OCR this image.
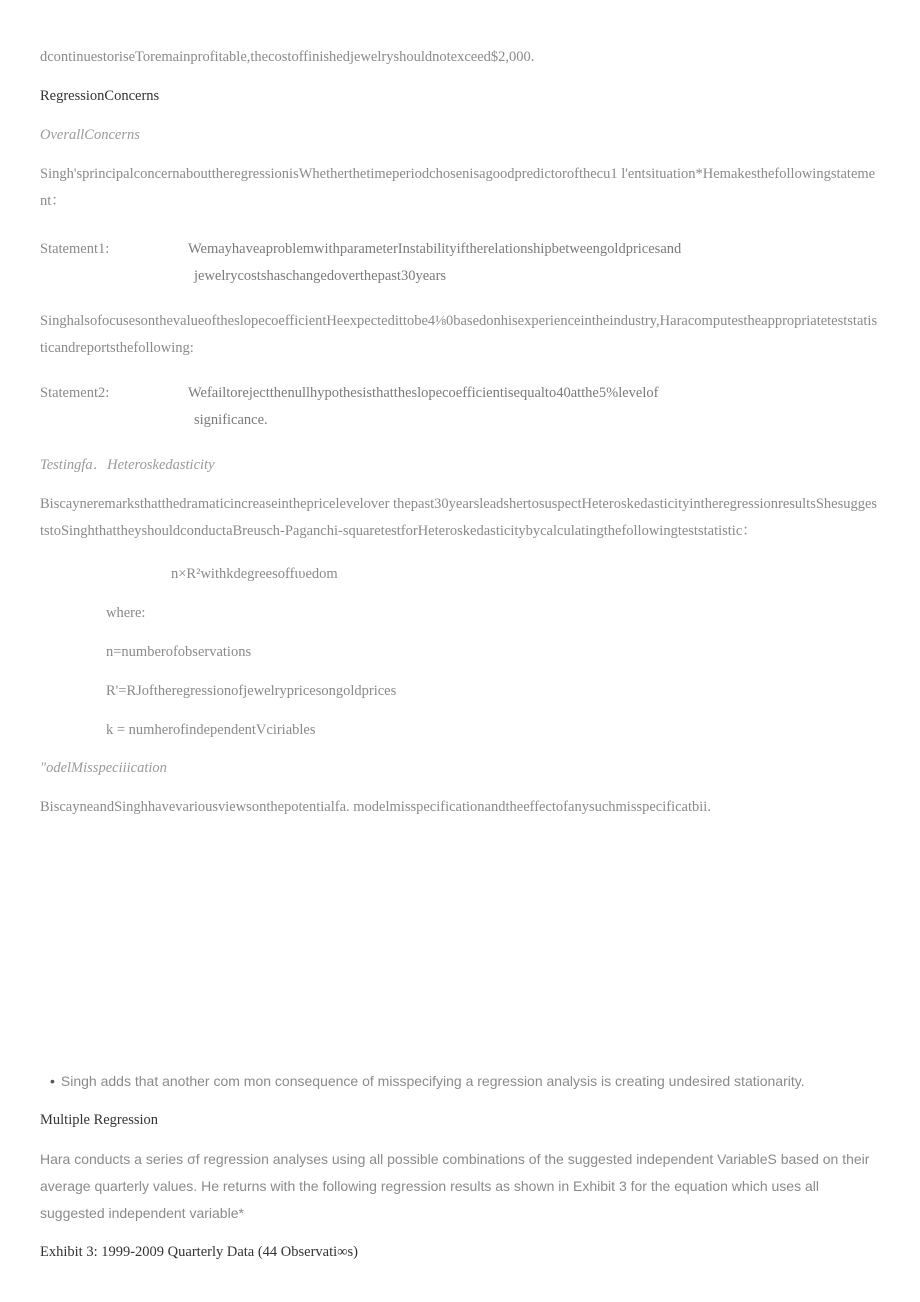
dcontinuestoriseToremainprofitable,thecostoffinishedjewelryshouldnotexceed$2,000.
RegressionConcerns
OverallConcerns
Singh'sprincipalconcernabouttheregressionisWhetherthetimeperiodchosenisagoodpredictorofthecu1 l'entsituation*Hemakesthefollowingstatement：
Statement1:	WemayhaveaproblemwithparameterInstabilityiftherelationshipbetweengoldpricesand
jewelrycostshaschangedoverthepast30years
SinghalsofocusesonthevalueoftheslopecoefficientHeexpectedittobe4⅛0basedonhisexperienceintheindustry,Haracomputestheappropriateteststatisticandreportsthefollowing:
Statement2:	Wefailtorejectthenullhypothesisthattheslopecoefficientisequalto40atthe5%levelof
significance.
Testingfa．Heteroskedasticity
Biscayneremarksthatthedramaticincreaseinthepricelevelover thepast30yearsleadshertosuspectHeteroskedasticityintheregressionresultsShesuggeststoSinghthattheyshouldconductaBreusch-Paganchi-squaretestforHeteroskedasticitybycalculatingthefollowingteststatistic：
n×R²withkdegreesoffιυedom
where:
n=numberofobservations
R'=RJoftheregressionofjewelrypricesongoldprices
k = numherofindependentVciriables
"odelMisspeciiication
BiscayneandSinghhavevariousviewsonthepotentialfa. modelmisspecificationandtheeffectofanysuchmisspecificatbii.
• Singh adds that another com mon consequence of misspecifying a regression analysis is creating undesired stationarity.
Multiple Regression
Hara conducts a series σf regression analyses using all possible combinations of the suggested independent VariableS based on their average quarterly values. He returns with the following regression results as shown in Exhibit 3 for the equation which uses all suggested independent variable*
Exhibit 3: 1999-2009 Quarterly Data (44 Observati∞s)
